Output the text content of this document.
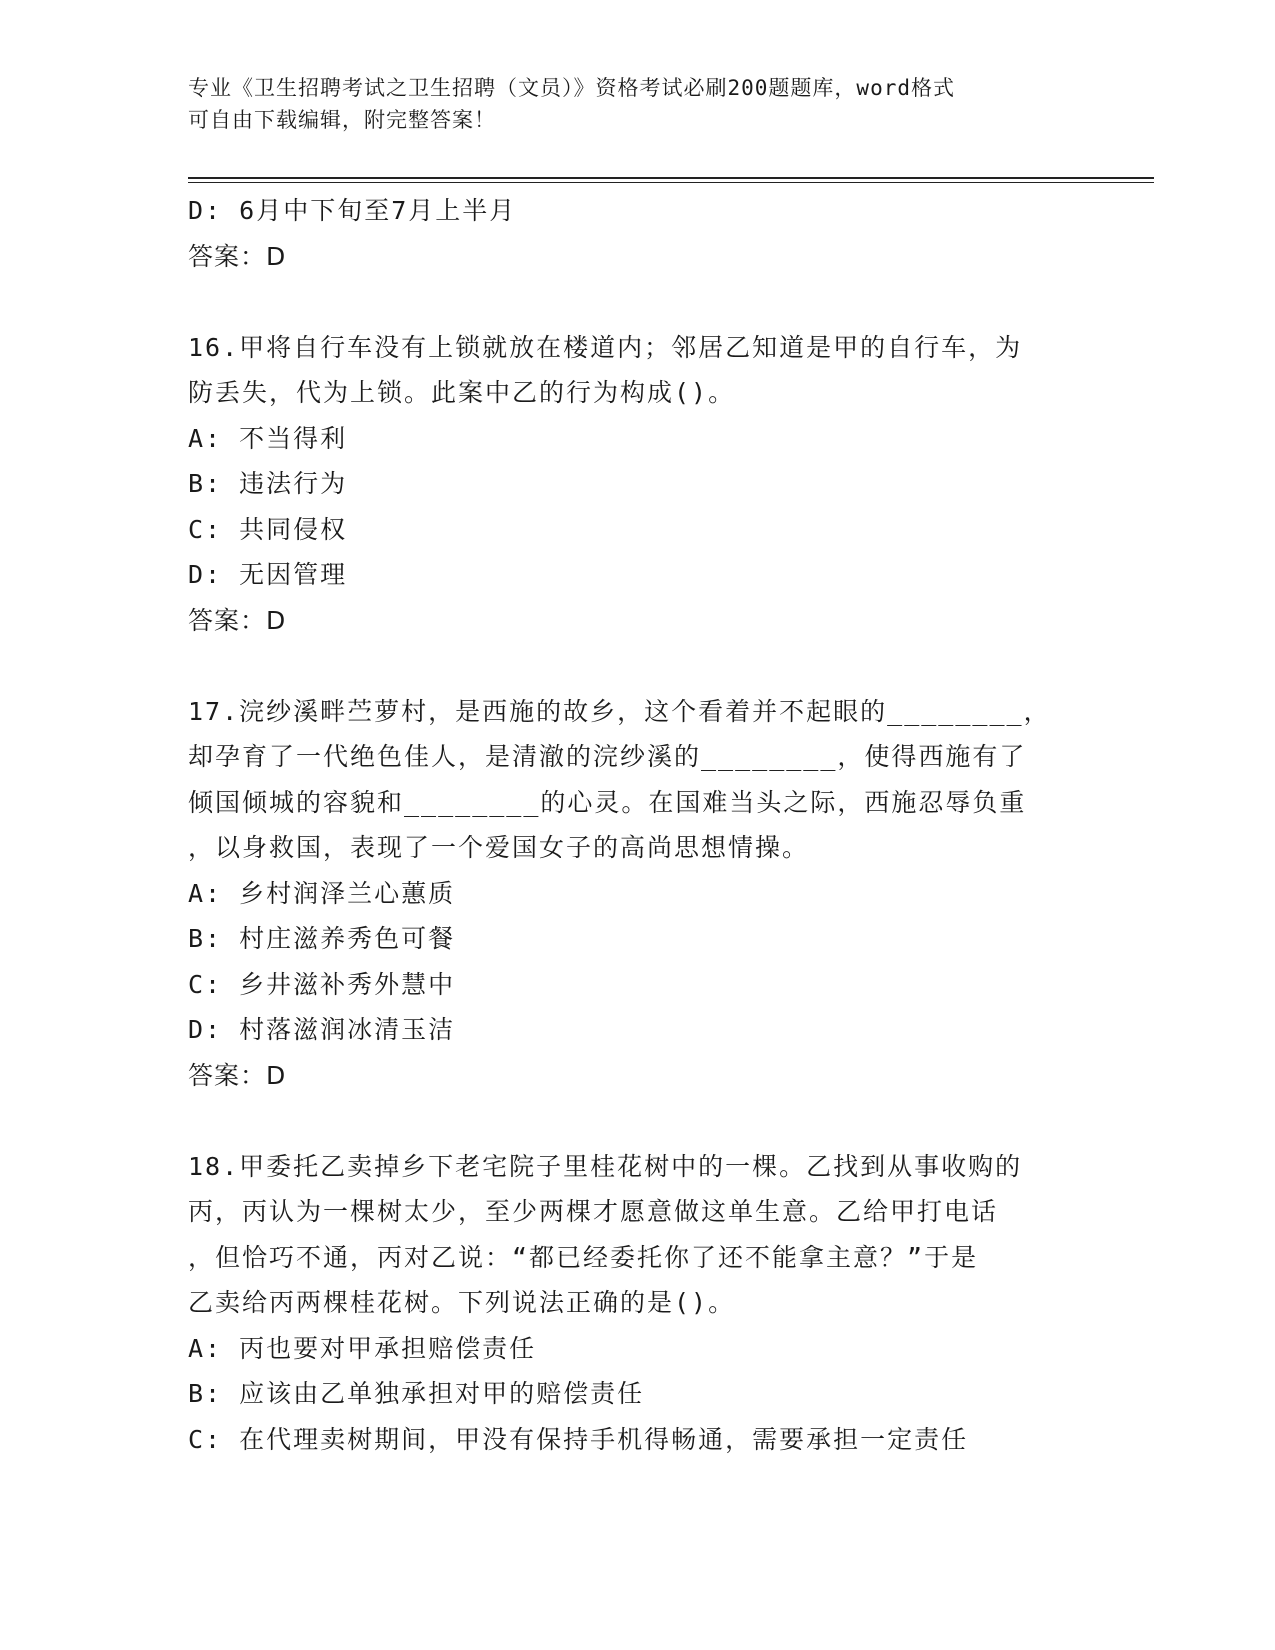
专业《卫生招聘考试之卫生招聘（文员）》资格考试必刷200题题库，word格式
可自由下载编辑，附完整答案！
D: 6月中下旬至7月上半月
答案：D
16.甲将自行车没有上锁就放在楼道内；邻居乙知道是甲的自行车，为
防丢失，代为上锁。此案中乙的行为构成()。
A: 不当得利
B: 违法行为
C: 共同侵权
D: 无因管理
答案：D
17.浣纱溪畔苎萝村，是西施的故乡，这个看着并不起眼的________，
却孕育了一代绝色佳人，是清澈的浣纱溪的________，使得西施有了
倾国倾城的容貌和________的心灵。在国难当头之际，西施忍辱负重
，以身救国，表现了一个爱国女子的高尚思想情操。
A: 乡村润泽兰心蕙质
B: 村庄滋养秀色可餐
C: 乡井滋补秀外慧中
D: 村落滋润冰清玉洁
答案：D
18.甲委托乙卖掉乡下老宅院子里桂花树中的一棵。乙找到从事收购的
丙，丙认为一棵树太少，至少两棵才愿意做这单生意。乙给甲打电话
，但恰巧不通，丙对乙说：“都已经委托你了还不能拿主意？”于是
乙卖给丙两棵桂花树。下列说法正确的是()。
A: 丙也要对甲承担赔偿责任
B: 应该由乙单独承担对甲的赔偿责任
C: 在代理卖树期间，甲没有保持手机得畅通，需要承担一定责任
